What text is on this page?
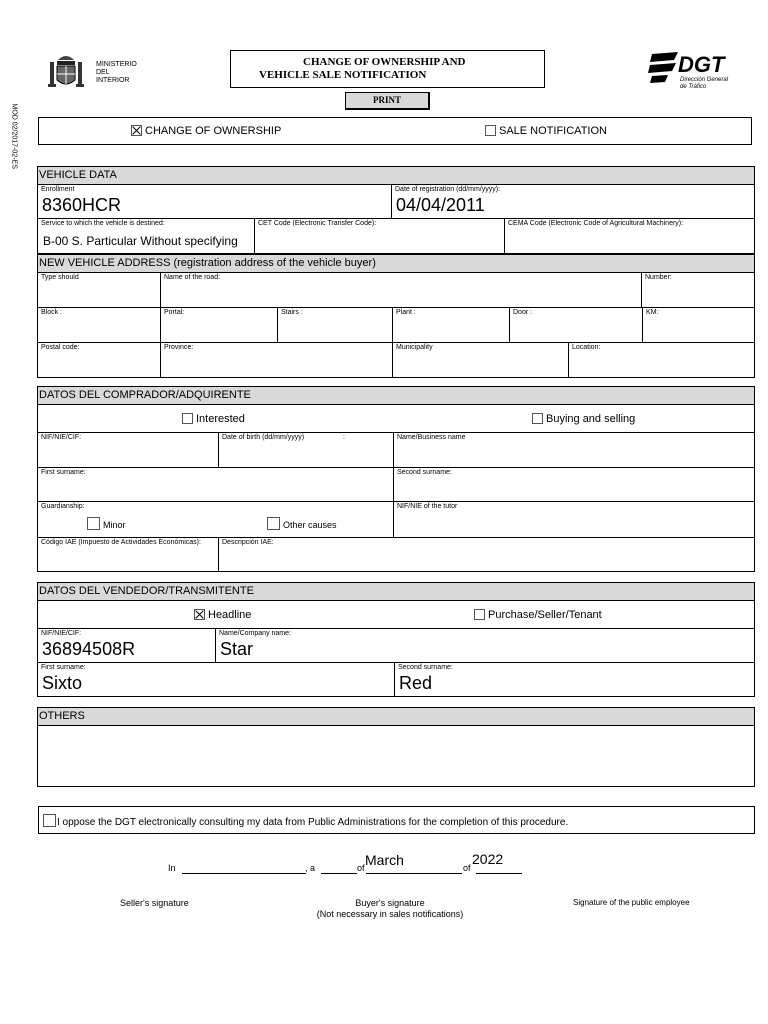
MINISTERIO
DEL INTERIOR
CHANGE OF OWNERSHIP AND
VEHICLE SALE NOTIFICATION
PRINT
DGT
Dirección General
de Tráfico
MOD 02/2017-02-ES	CHANGE OF OWNERSHIP	SALE NOTIFICATION
VEHICLE DATA
Enrollment
8360HCR
Date of registration (dd/mm/yyyy):
04/04/2011
Service to which the vehicle is destined:
B-00 S. Particular Without specifying
CET Code (Electronic Transfer Code):	CEMA Code (Electronic Code of Agricultural Machinery):
NEW VEHICLE ADDRESS (registration address of the vehicle buyer)
Type should	Name of the road:	Number:
Block :	Portal:	Stairs :	Plant :	Door :	KM:
Postal code:	Province:	Municipality	Location:
DATOS DEL COMPRADOR/ADQUIRENTE
Interested	Buying and selling
NIF/NIE/CIF:	Date of birth (dd/mm/yyyy)	:	Name/Business name
First surname:	Second surname:
Guardianship:
Minor	Other causes
NIF/NIE of the tutor
Código IAE (Impuesto de Actividades Económicas):	Descripción IAE:
DATOS DEL VENDEDOR/TRANSMITENTE
Headline	Purchase/Seller/Tenant
NIF/NIE/CIF:
36894508R
Name/Company name:
Star
First surname:
Sixto
Second surname:
Red
OTHERS
I oppose the DGT electronically consulting my data from Public Administrations for the completion of this procedure.
In	, a	of March	of
2022
Seller's signature	Buyer's signature
(Not necessary in sales notifications)
Signature of the public employee
